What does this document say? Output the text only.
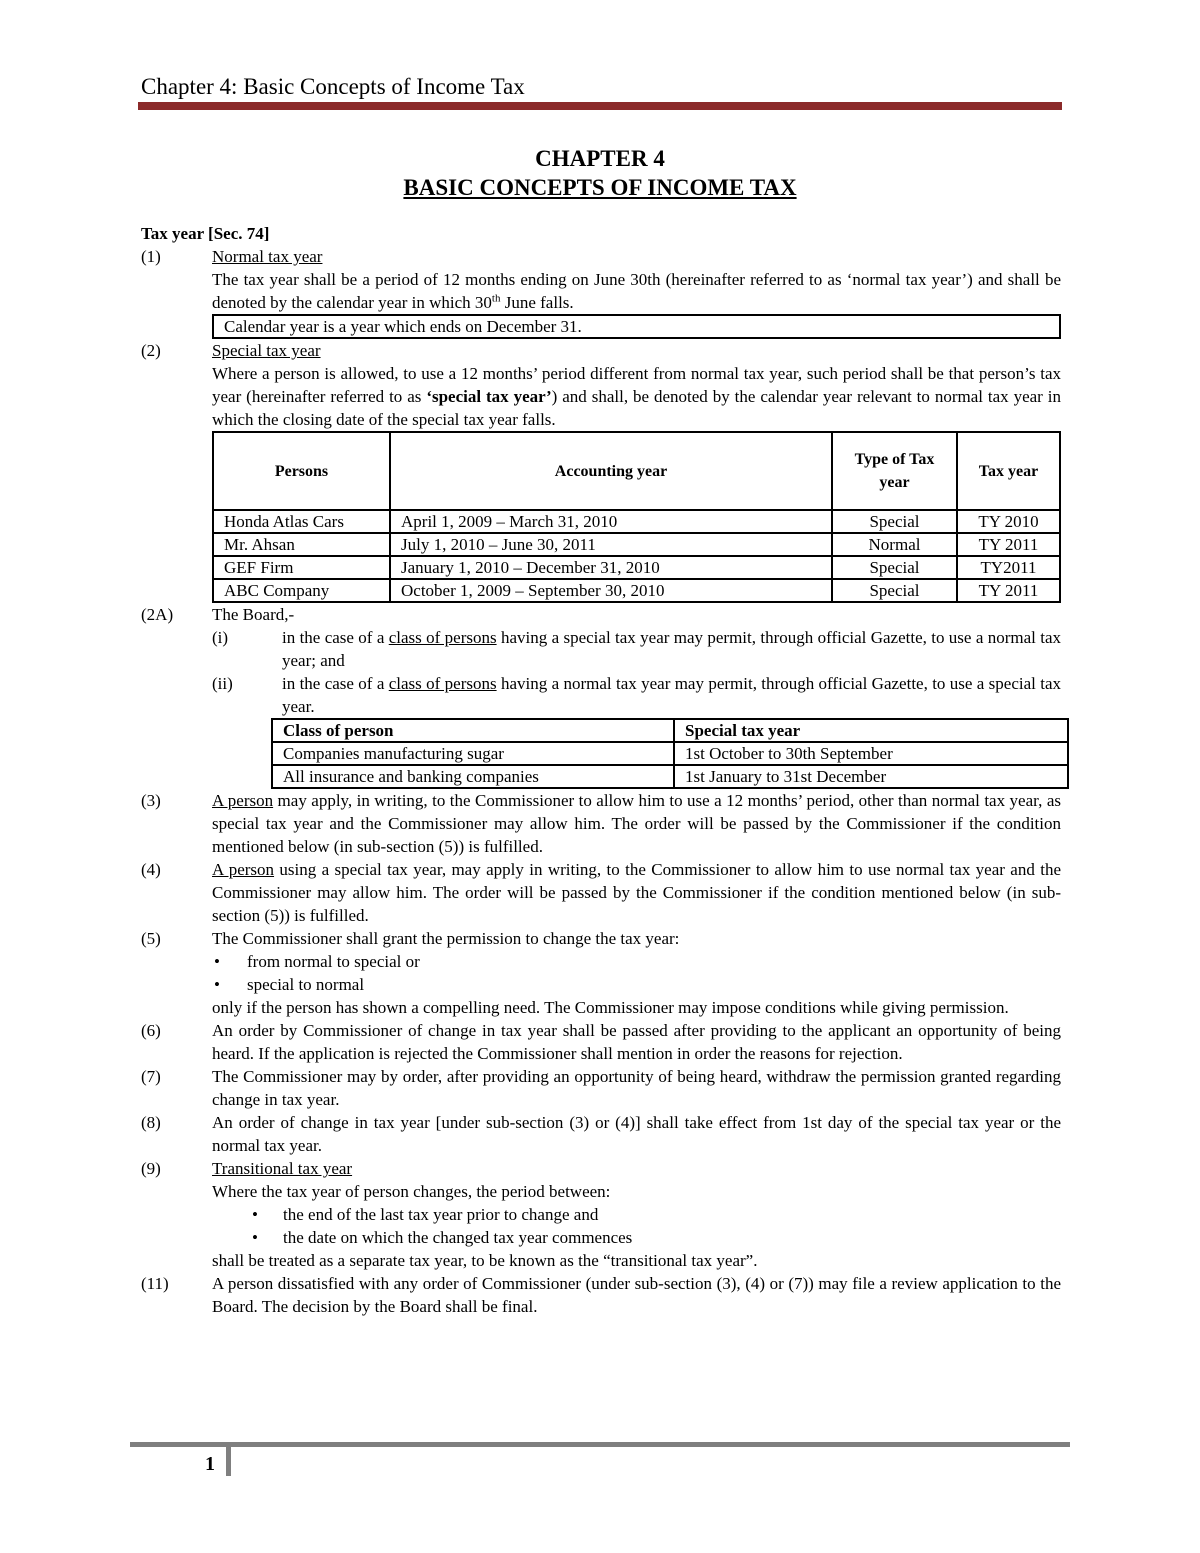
Chapter 4: Basic Concepts of Income Tax
CHAPTER 4
BASIC CONCEPTS OF INCOME TAX
Tax year [Sec. 74]
(1)	Normal tax year
The tax year shall be a period of 12 months ending on June 30th (hereinafter referred to as ‘normal tax year’) and shall be denoted by the calendar year in which 30th June falls.
Calendar year is a year which ends on December 31.
(2)	Special tax year
Where a person is allowed, to use a 12 months’ period different from normal tax year, such period shall be that person’s tax year (hereinafter referred to as ‘special tax year’) and shall, be denoted by the calendar year relevant to normal tax year in which the closing date of the special tax year falls.
Persons	Accounting year	Type of Tax year	Tax year
Honda Atlas Cars	April 1, 2009 – March 31, 2010	Special	TY 2010
Mr. Ahsan	July 1, 2010 – June 30, 2011	Normal	TY 2011
GEF Firm	January 1, 2010 – December 31, 2010	Special	TY2011
ABC Company	October 1, 2009 – September 30, 2010	Special	TY 2011
(2A) The Board,-
(i)	in the case of a class of persons having a special tax year may permit, through official Gazette, to use a normal tax year; and
(ii)	in the case of a class of persons having a normal tax year may permit, through official Gazette, to use a special tax year.
Class of person	Special tax year
Companies manufacturing sugar	1st October to 30th September
All insurance and banking companies	1st January to 31st December
(3)	A person may apply, in writing, to the Commissioner to allow him to use a 12 months’ period, other than normal tax year, as special tax year and the Commissioner may allow him. The order will be passed by the Commissioner if the condition mentioned below (in sub-section (5)) is fulfilled.
(4)	A person using a special tax year, may apply in writing, to the Commissioner to allow him to use normal tax year and the Commissioner may allow him. The order will be passed by the Commissioner if the condition mentioned below (in sub-section (5)) is fulfilled.
(5)	The Commissioner shall grant the permission to change the tax year:
• from normal to special or
• special to normal
only if the person has shown a compelling need. The Commissioner may impose conditions while giving permission.
(6)	An order by Commissioner of change in tax year shall be passed after providing to the applicant an opportunity of being heard. If the application is rejected the Commissioner shall mention in order the reasons for rejection.
(7)	The Commissioner may by order, after providing an opportunity of being heard, withdraw the permission granted regarding change in tax year.
(8)	An order of change in tax year [under sub-section (3) or (4)] shall take effect from 1st day of the special tax year or the normal tax year.
(9)	Transitional tax year
Where the tax year of person changes, the period between:
• the end of the last tax year prior to change and
• the date on which the changed tax year commences
shall be treated as a separate tax year, to be known as the “transitional tax year”.
(11)	A person dissatisfied with any order of Commissioner (under sub-section (3), (4) or (7)) may file a review application to the Board. The decision by the Board shall be final.
1
